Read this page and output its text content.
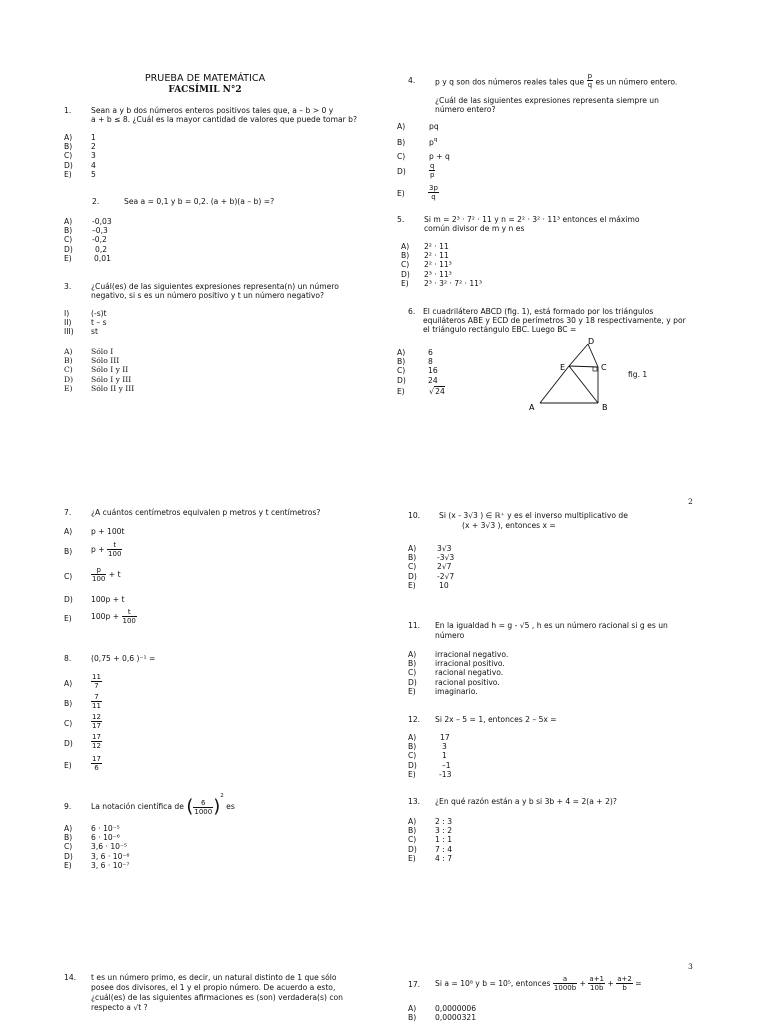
PRUEBA DE MATEMÁTICA
FACSÍMIL N°2
1.	Sean a y b dos números enteros positivos tales que, a – b > 0 y
a + b ≤ 8. ¿Cuál es la mayor cantidad de valores que puede tomar b?
A) 1
B) 2
C) 3
D) 4
E)	5
2.	Sea a = 0,1 y b = 0,2. (a + b)(a – b) =?
A)	-0,03
B)	–0,3
C)	-0,2
D)	0,2
E)	0,01
3.	¿Cuál(es) de las siguientes expresiones representa(n) un número
negativo, si s es un número positivo y t un número negativo?
I)	(-s)t
II)	t – s
III) st
A) Sólo I
B) Sólo III
C) Sólo I y II
D) Sólo I y III
E) Sólo II y III
4.	p y q son dos números reales tales que $\frac{p}{q}$ es un número entero.
¿Cuál de las siguientes expresiones representa siempre un
número entero?
A)	pq
B)	$p^q$
C)	p + q
D)	$\frac{q}{p}$
E)	$\frac{3p}{q}$
5.	Si m = 2³ · 7² · 11 y n = 2² · 3² · 11³ entonces el máximo
común divisor de m y n es
A) 2² · 11
B) 2² · 11
C) 2² · 11³
D) 2³ · 11³
E) 2³ · 3² · 7² · 11³
6. El cuadrilátero ABCD (fig. 1), está formado por los triángulos
equiláteros ABE y ECD de perímetros 30 y 18 respectivamente, y por
el triángulo rectángulo EBC. Luego BC =
A)	6
B)	8
C)	16
D)	24
E)	√24
A	B
C
D
E
fig. 1
2
7.	¿A cuántos centímetros equivalen p metros y t centímetros?
A) p + 100t
B) $p + \frac{t}{100}$
C)	$\frac{p}{100} + t$
D) 100p + t
E)	$100p + \frac{t}{100}$
8.	(0,75 + 0,6̄ )⁻¹ =
A)	$\frac{11}{7}$
B)	$\frac{7}{11}$
C)	$\frac{12}{17}$
D)	$\frac{17}{12}$
E)	$\frac{17}{6}$
9.	La notación científica de ( $\frac{6}{1000} )^2$ es
A) 6 · 10⁻⁵
B) 6 · 10⁻⁶
C) 3,6 · 10⁻⁵
D) 3, 6 · 10⁻⁶
E)	3, 6 · 10⁻⁷
10. Si (x - 3√3 ) ∈ ℝ⁺ y es el inverso multiplicativo de
(x + 3√3 ), entonces x =
A)	3√3
B)	-3√3
C)	2√7
D)	-2√7
E)	10
11. En la igualdad h = g - √5 , h es un número racional si g es un
número
A) irracional negativo.
B) irracional positivo.
C) racional negativo.
D) racional positivo.
E)	imaginario.
12. Si 2x – 5 = 1, entonces 2 – 5x =
A)	17
B)	3
C)	1
D)	–1
E)	-13
13. ¿En qué razón están a y b si 3b + 4 = 2(a + 2)?
A) 2 : 3
B) 3 : 2
C) 1 : 1
D) 7 : 4
E)	4 : 7
3
14. t es un número primo, es decir, un natural distinto de 1 que sólo
posee dos divisores, el 1 y el propio número. De acuerdo a esto,
¿cuál(es) de las siguientes afirmaciones es (son) verdadera(s) con
respecto a √t ?
17. Si a = 10⁸ y b = 10⁵, entonces $\frac{a}{1000b} + \frac{a+1}{10b} + \frac{a+2}{b}$ =
A) 0,0000006
B) 0,0000321
